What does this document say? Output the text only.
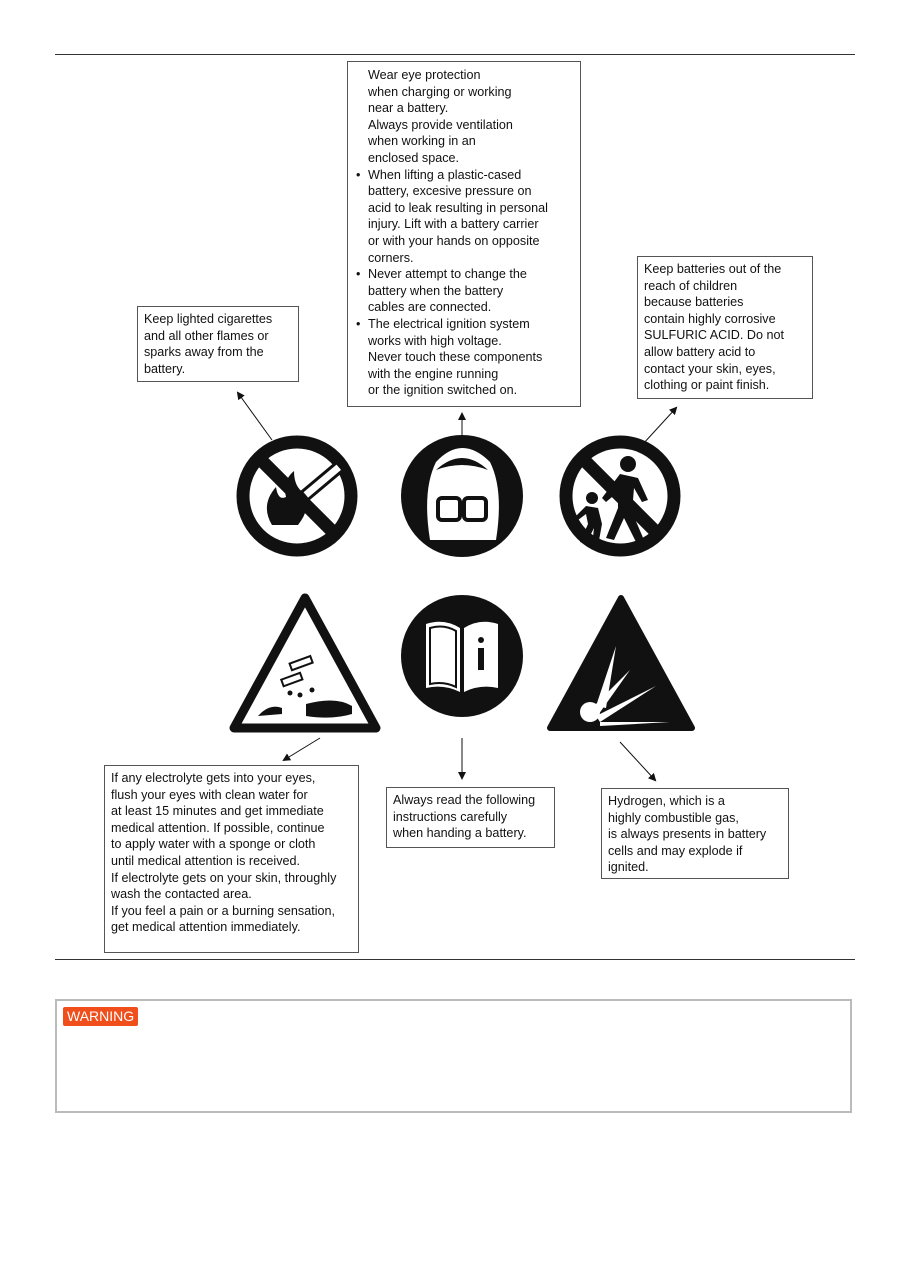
Keep lighted cigarettes
and all other flames or
sparks away from the
battery.
Wear eye protection
when charging or working
near a battery.
Always provide ventilation
when working in an
enclosed space.
• When lifting a plastic-cased
battery, excesive pressure on
acid to leak resulting in personal
injury. Lift with a battery carrier
or with your hands on opposite
corners.
• Never attempt to change the
battery when the battery
cables are connected.
• The electrical ignition system
works with high voltage.
Never touch these components
with the engine running
or the ignition switched on.
Keep batteries out of the
reach of children
because batteries
contain highly corrosive
SULFURIC ACID. Do not
allow battery acid to
contact your skin, eyes,
clothing or paint finish.
If any electrolyte gets into your eyes,
flush your eyes with clean water for
at least 15 minutes and get immediate
medical attention. If possible, continue
to apply water with a sponge or cloth
until medical attention is received.
If electrolyte gets on your skin, throughly
wash the contacted area.
If you feel a pain or a burning sensation,
get medical attention immediately.
Always read the following
instructions carefully
when handing a battery.
Hydrogen, which is a
highly combustible gas,
is always presents in battery
cells and may explode if
ignited.
WARNING
